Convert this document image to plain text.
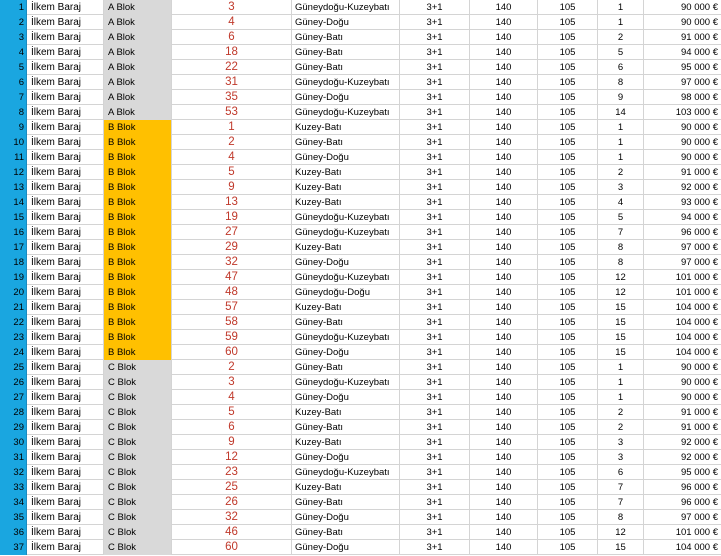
1 İlkem Baraj	A Blok	3	Güneydoğu-Kuzeybatı	3+1	140	105	1	90 000 €
2 İlkem Baraj	A Blok	4	Güney-Doğu	3+1	140	105	1	90 000 €
3 İlkem Baraj	A Blok	6	Güney-Batı	3+1	140	105	2	91 000 €
4 İlkem Baraj	A Blok	18	Güney-Batı	3+1	140	105	5	94 000 €
5 İlkem Baraj	A Blok	22	Güney-Batı	3+1	140	105	6	95 000 €
6 İlkem Baraj	A Blok	31	Güneydoğu-Kuzeybatı	3+1	140	105	8	97 000 €
7 İlkem Baraj	A Blok	35	Güney-Doğu	3+1	140	105	9	98 000 €
8 İlkem Baraj	A Blok	53	Güneydoğu-Kuzeybatı	3+1	140	105	14	103 000 €
9 İlkem Baraj	B Blok	1	Kuzey-Batı	3+1	140	105	1	90 000 €
10 İlkem Baraj	B Blok	2	Güney-Batı	3+1	140	105	1	90 000 €
11 İlkem Baraj	B Blok	4	Güney-Doğu	3+1	140	105	1	90 000 €
12 İlkem Baraj	B Blok	5	Kuzey-Batı	3+1	140	105	2	91 000 €
13 İlkem Baraj	B Blok	9	Kuzey-Batı	3+1	140	105	3	92 000 €
14 İlkem Baraj	B Blok	13	Kuzey-Batı	3+1	140	105	4	93 000 €
15 İlkem Baraj	B Blok	19	Güneydoğu-Kuzeybatı	3+1	140	105	5	94 000 €
16 İlkem Baraj	B Blok	27	Güneydoğu-Kuzeybatı	3+1	140	105	7	96 000 €
17 İlkem Baraj	B Blok	29	Kuzey-Batı	3+1	140	105	8	97 000 €
18 İlkem Baraj	B Blok	32	Güney-Doğu	3+1	140	105	8	97 000 €
19 İlkem Baraj	B Blok	47	Güneydoğu-Kuzeybatı	3+1	140	105	12	101 000 €
20 İlkem Baraj	B Blok	48	Güneydoğu-Doğu	3+1	140	105	12	101 000 €
21 İlkem Baraj	B Blok	57	Kuzey-Batı	3+1	140	105	15	104 000 €
22 İlkem Baraj	B Blok	58	Güney-Batı	3+1	140	105	15	104 000 €
23 İlkem Baraj	B Blok	59	Güneydoğu-Kuzeybatı	3+1	140	105	15	104 000 €
24 İlkem Baraj	B Blok	60	Güney-Doğu	3+1	140	105	15	104 000 €
25 İlkem Baraj	C Blok	2	Güney-Batı	3+1	140	105	1	90 000 €
26 İlkem Baraj	C Blok	3	Güneydoğu-Kuzeybatı	3+1	140	105	1	90 000 €
27 İlkem Baraj	C Blok	4	Güney-Doğu	3+1	140	105	1	90 000 €
28 İlkem Baraj	C Blok	5	Kuzey-Batı	3+1	140	105	2	91 000 €
29 İlkem Baraj	C Blok	6	Güney-Batı	3+1	140	105	2	91 000 €
30 İlkem Baraj	C Blok	9	Kuzey-Batı	3+1	140	105	3	92 000 €
31 İlkem Baraj	C Blok	12	Güney-Doğu	3+1	140	105	3	92 000 €
32 İlkem Baraj	C Blok	23	Güneydoğu-Kuzeybatı	3+1	140	105	6	95 000 €
33 İlkem Baraj	C Blok	25	Kuzey-Batı	3+1	140	105	7	96 000 €
34 İlkem Baraj	C Blok	26	Güney-Batı	3+1	140	105	7	96 000 €
35 İlkem Baraj	C Blok	32	Güney-Doğu	3+1	140	105	8	97 000 €
36 İlkem Baraj	C Blok	46	Güney-Batı	3+1	140	105	12	101 000 €
37 İlkem Baraj	C Blok	60	Güney-Doğu	3+1	140	105	15	104 000 €
